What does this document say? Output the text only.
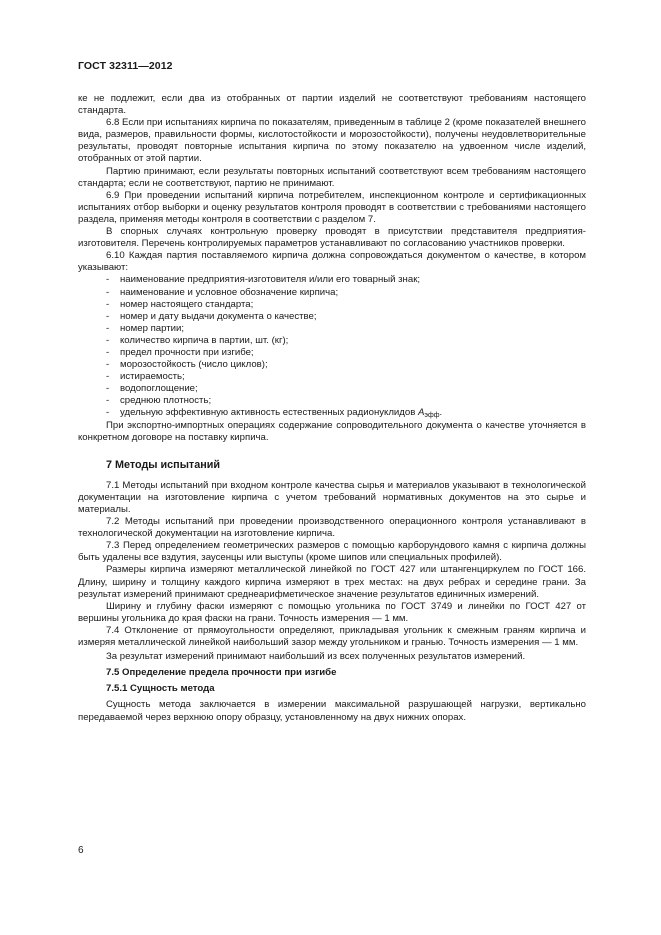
ГОСТ 32311—2012

ке не подлежит, если два из отобранных от партии изделий не соответствуют требованиям настоящего стандарта.

6.8 Если при испытаниях кирпича по показателям, приведенным в таблице 2 (кроме показателей внешнего вида, размеров, правильности формы, кислотостойкости и морозостойкости), получены неудовлетворительные результаты, проводят повторные испытания кирпича по этому показателю на удвоенном числе изделий, отобранных от этой партии.

Партию принимают, если результаты повторных испытаний соответствуют всем требованиям настоящего стандарта; если не соответствуют, партию не принимают.

6.9 При проведении испытаний кирпича потребителем, инспекционном контроле и сертификационных испытаниях отбор выборки и оценку результатов контроля проводят в соответствии с требованиями настоящего раздела, применяя методы контроля в соответствии с разделом 7.

В спорных случаях контрольную проверку проводят в присутствии представителя предприятия-изготовителя. Перечень контролируемых параметров устанавливают по согласованию участников проверки.

6.10 Каждая партия поставляемого кирпича должна сопровождаться документом о качестве, в котором указывают:

- наименование предприятия-изготовителя и/или его товарный знак;

- наименование и условное обозначение кирпича;

- номер настоящего стандарта;

- номер и дату выдачи документа о качестве;

- номер партии;

- количество кирпича в партии, шт. (кг);

- предел прочности при изгибе;

- морозостойкость (число циклов);

- истираемость;

- водопоглощение;

- среднюю плотность;

- удельную эффективную активность естественных радионуклидов $A_{эфф}$.

При экспортно-импортных операциях содержание сопроводительного документа о качестве уточняется в конкретном договоре на поставку кирпича.

7 Методы испытаний

7.1 Методы испытаний при входном контроле качества сырья и материалов указывают в технологической документации на изготовление кирпича с учетом требований нормативных документов на это сырье и материалы.

7.2 Методы испытаний при проведении производственного операционного контроля устанавливают в технологической документации на изготовление кирпича.

7.3 Перед определением геометрических размеров с помощью карборундового камня с кирпича должны быть удалены все вздутия, заусенцы или выступы (кроме шипов или специальных профилей).

Размеры кирпича измеряют металлической линейкой по ГОСТ 427 или штангенциркулем по ГОСТ 166. Длину, ширину и толщину каждого кирпича измеряют в трех местах: на двух ребрах и середине грани. За результат измерений принимают среднеарифметическое значение результатов единичных измерений.

Ширину и глубину фаски измеряют с помощью угольника по ГОСТ 3749 и линейки по ГОСТ 427 от вершины угольника до края фаски на грани. Точность измерения — 1 мм.

7.4 Отклонение от прямоугольности определяют, прикладывая угольник к смежным граням кирпича и измеряя металлической линейкой наибольший зазор между угольником и гранью. Точность измерения — 1 мм.

За результат измерений принимают наибольший из всех полученных результатов измерений.

7.5 Определение предела прочности при изгибе

7.5.1 Сущность метода

Сущность метода заключается в измерении максимальной разрушающей нагрузки, вертикально передаваемой через верхнюю опору образцу, установленному на двух нижних опорах.

6
